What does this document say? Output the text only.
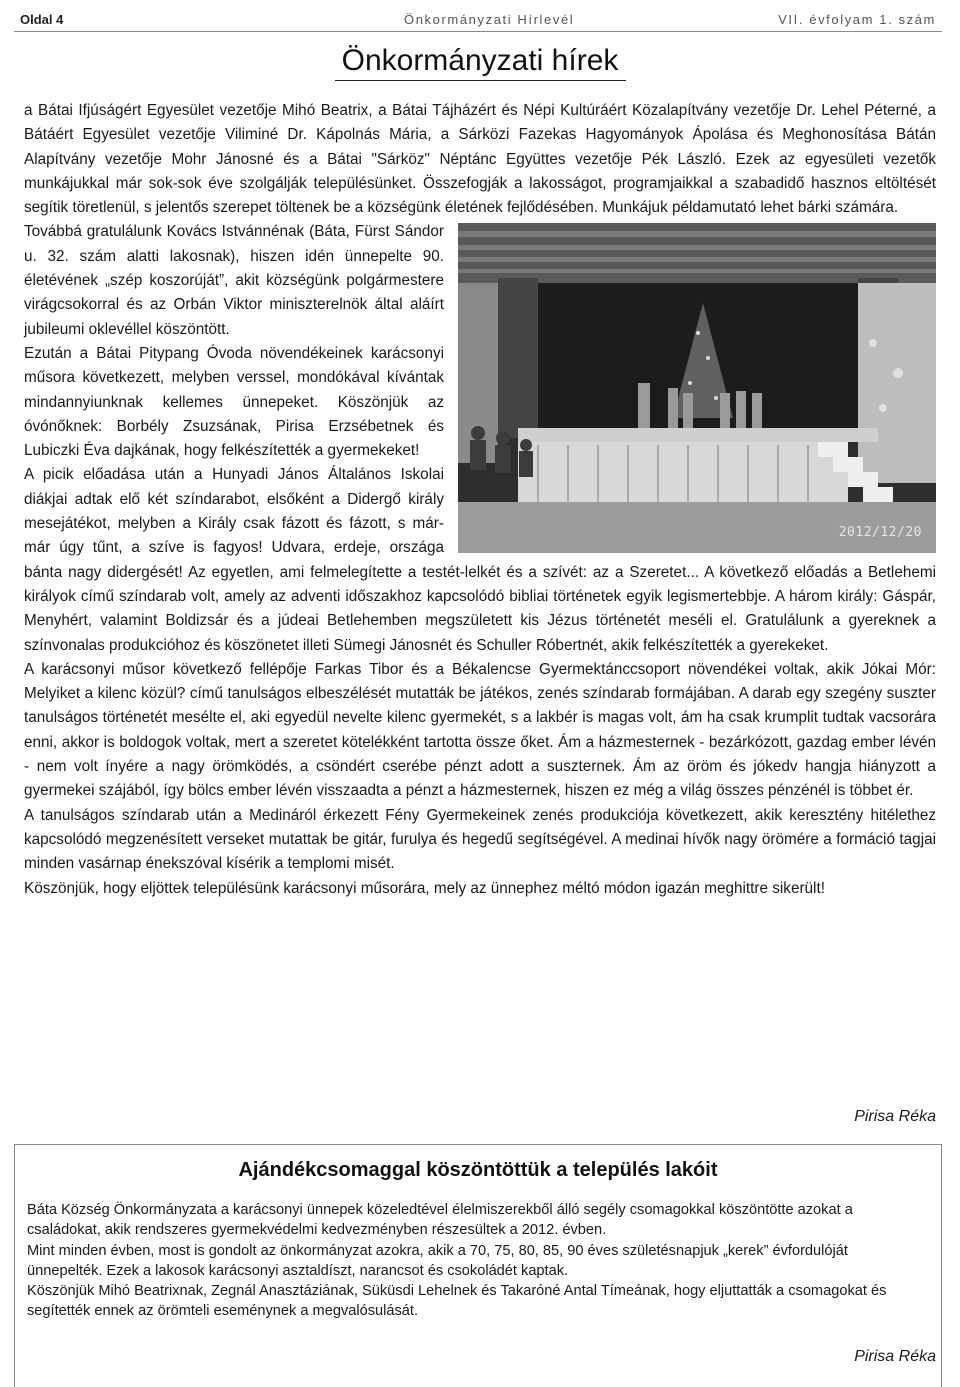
Oldal 4	Önkormányzati Hírlevél	VII. évfolyam 1. szám
Önkormányzati hírek

a Bátai Ifjúságért Egyesület vezetője Mihó Beatrix, a Bátai Tájházért és Népi Kultúráért Közalapítvány vezetője Dr. Lehel Péterné, a Bátáért Egyesület vezetője Viliminé Dr. Kápolnás Mária, a Sárközi Fazekas Hagyományok Ápolása és Meghonosítása Bátán Alapítvány vezetője Mohr Jánosné és a Bátai "Sárköz" Néptánc Együttes vezetője Pék László. Ezek az egyesületi vezetők munkájukkal már sok-sok éve szolgálják településünket. Összefogják a lakosságot, programjaikkal a szabadidő hasznos eltöltését segítik töretlenül, s jelentős szerepet töltenek be a községünk életének fejlődésében. Munkájuk példamutató lehet bárki számára.

2012/12/20

Továbbá gratulálunk Kovács Istvánnénak (Báta, Fürst Sándor u. 32. szám alatti lakosnak), hiszen idén ünnepelte 90. életévének „szép koszorúját”, akit községünk polgármestere virágcsokorral és az Orbán Viktor miniszterelnök által aláírt jubileumi oklevéllel köszöntött.

Ezután a Bátai Pitypang Óvoda növendékeinek karácsonyi műsora következett, melyben verssel, mondókával kívántak mindannyiunknak kellemes ünnepeket. Köszönjük az óvónőknek: Borbély Zsuzsának, Pirisa Erzsébetnek és Lubiczki Éva dajkának, hogy felkészítették a gyermekeket!

A picik előadása után a Hunyadi János Általános Iskolai diákjai adtak elő két színdarabot, elsőként a Didergő király mesejátékot, melyben a Király csak fázott és fázott, s már-már úgy tűnt, a szíve is fagyos! Udvara, erdeje, országa bánta nagy didergését! Az egyetlen, ami felmelegítette a testét-lelkét és a szívét: az a Szeretet... A következő előadás a Betlehemi királyok című színdarab volt, amely az adventi időszakhoz kapcsolódó bibliai történetek egyik legismertebbje. A három király: Gáspár, Menyhért, valamint Boldizsár és a júdeai Betlehemben megszületett kis Jézus történetét meséli el. Gratulálunk a gyereknek a színvonalas produkcióhoz és köszönetet illeti Sümegi Jánosnét és Schuller Róbertnét, akik felkészítették a gyerekeket.

A karácsonyi műsor következő fellépője Farkas Tibor és a Békalencse Gyermektánccsoport növendékei voltak, akik Jókai Mór: Melyiket a kilenc közül? című tanulságos elbeszélését mutatták be játékos, zenés színdarab formájában. A darab egy szegény suszter tanulságos történetét mesélte el, aki egyedül nevelte kilenc gyermekét, s a lakbér is magas volt, ám ha csak krumplit tudtak vacsorára enni, akkor is boldogok voltak, mert a szeretet kötelékként tartotta össze őket. Ám a házmesternek - bezárkózott, gazdag ember lévén - nem volt ínyére a nagy örömködés, a csöndért cserébe pénzt adott a suszternek. Ám az öröm és jókedv hangja hiányzott a gyermekei szájából, így bölcs ember lévén visszaadta a pénzt a házmesternek, hiszen ez még a világ összes pénzénél is többet ér.

A tanulságos színdarab után a Medináról érkezett Fény Gyermekeinek zenés produkciója következett, akik keresztény hitélethez kapcsolódó megzenésített verseket mutattak be gitár, furulya és hegedű segítségével. A medinai hívők nagy örömére a formáció tagjai minden vasárnap énekszóval kísérik a templomi misét.

Köszönjük, hogy eljöttek településünk karácsonyi műsorára, mely az ünnephez méltó módon igazán meghittre sikerült!

Pirisa Réka
Ajándékcsomaggal köszöntöttük a település lakóit

Báta Község Önkormányzata a karácsonyi ünnepek közeledtével élelmiszerekből álló segély csomagokkal köszöntötte azokat a családokat, akik rendszeres gyermekvédelmi kedvezményben részesültek a 2012. évben.

Mint minden évben, most is gondolt az önkormányzat azokra, akik a 70, 75, 80, 85, 90 éves születésnapjuk „kerek” évfordulóját ünnepelték. Ezek a lakosok karácsonyi asztaldíszt, narancsot és csokoládét kaptak.

Köszönjük Mihó Beatrixnak, Zegnál Anasztáziának, Süküsdi Lehelnek és Takaróné Antal Tímeának, hogy eljuttatták a csomagokat és segítették ennek az örömteli eseménynek a megvalósulását.

Pirisa Réka
